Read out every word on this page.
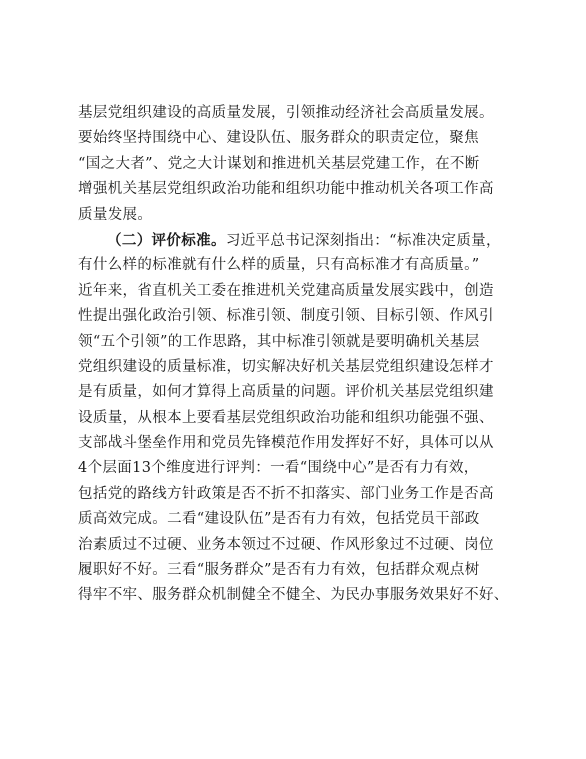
基层党组织建设的高质量发展，引领推动经济社会高质量发展。
要始终坚持围绕中心、建设队伍、服务群众的职责定位，聚焦
“国之大者”、党之大计谋划和推进机关基层党建工作，在不断
增强机关基层党组织政治功能和组织功能中推动机关各项工作高
质量发展。
（二）评价标准。习近平总书记深刻指出：“标准决定质量，
有什么样的标准就有什么样的质量，只有高标准才有高质量。”
近年来，省直机关工委在推进机关党建高质量发展实践中，创造
性提出强化政治引领、标准引领、制度引领、目标引领、作风引
领“五个引领”的工作思路，其中标准引领就是要明确机关基层
党组织建设的质量标准，切实解决好机关基层党组织建设怎样才
是有质量，如何才算得上高质量的问题。评价机关基层党组织建
设质量，从根本上要看基层党组织政治功能和组织功能强不强、
支部战斗堡垒作用和党员先锋模范作用发挥好不好，具体可以从
4个层面13个维度进行评判：一看“围绕中心”是否有力有效，
包括党的路线方针政策是否不折不扣落实、部门业务工作是否高
质高效完成。二看“建设队伍”是否有力有效，包括党员干部政
治素质过不过硬、业务本领过不过硬、作风形象过不过硬、岗位
履职好不好。三看“服务群众”是否有力有效，包括群众观点树
得牢不牢、服务群众机制健全不健全、为民办事服务效果好不好、
